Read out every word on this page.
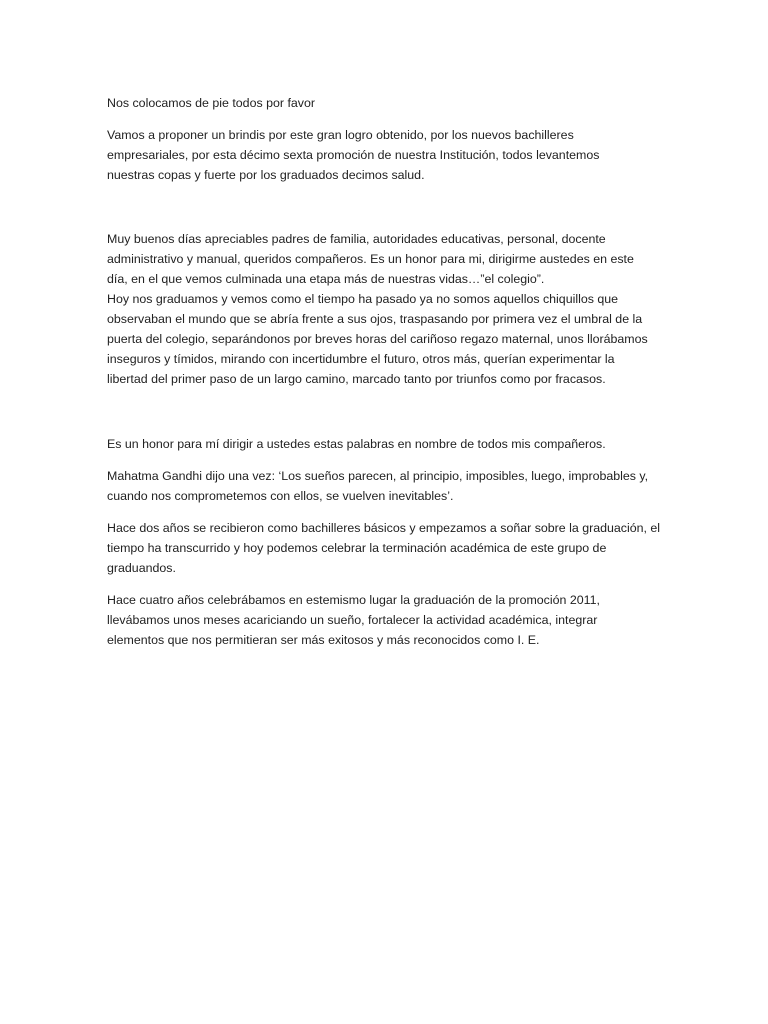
Nos colocamos de pie todos por favor

Vamos a proponer un brindis por este gran logro obtenido, por los nuevos bachilleres
empresariales, por esta décimo sexta promoción de nuestra Institución, todos levantemos
nuestras copas y fuerte por los graduados decimos salud.

Muy buenos días apreciables padres de familia, autoridades educativas, personal, docente
administrativo y manual, queridos compañeros. Es un honor para mi, dirigirme austedes en este
día, en el que vemos culminada una etapa más de nuestras vidas…”el colegio”.
Hoy nos graduamos y vemos como el tiempo ha pasado ya no somos aquellos chiquillos que
observaban el mundo que se abría frente a sus ojos, traspasando por primera vez el umbral de la
puerta del colegio, separándonos por breves horas del cariñoso regazo maternal, unos llorábamos
inseguros y tímidos, mirando con incertidumbre el futuro, otros más, querían experimentar la
libertad del primer paso de un largo camino, marcado tanto por triunfos como por fracasos.

Es un honor para mí dirigir a ustedes estas palabras en nombre de todos mis compañeros.

Mahatma Gandhi dijo una vez: ‘Los sueños parecen, al principio, imposibles, luego, improbables y,
cuando nos comprometemos con ellos, se vuelven inevitables’.

Hace dos años se recibieron como bachilleres básicos y empezamos a soñar sobre la graduación, el
tiempo ha transcurrido y hoy podemos celebrar la terminación académica de este grupo de
graduandos.

Hace cuatro años celebrábamos en estemismo lugar la graduación de la promoción 2011,
llevábamos unos meses acariciando un sueño, fortalecer la actividad académica, integrar
elementos que nos permitieran ser más exitosos y más reconocidos como I. E.
